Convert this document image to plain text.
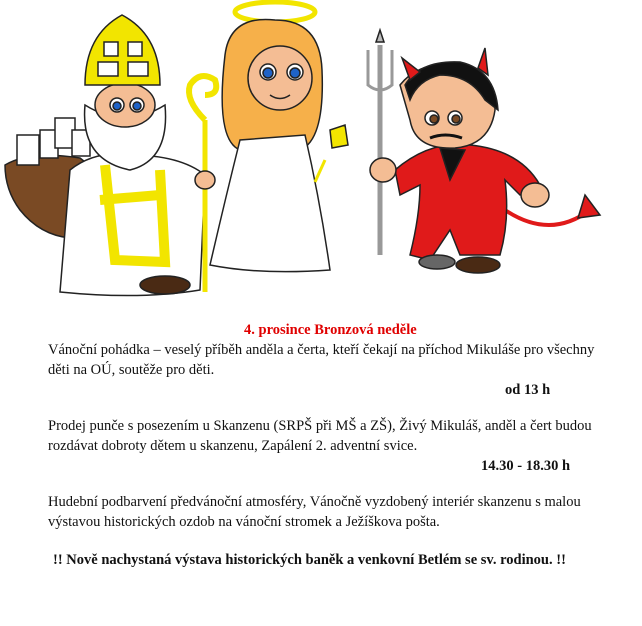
4. prosince Bronzová neděle
Vánoční pohádka – veselý příběh anděla a čerta, kteří čekají na příchod Mikuláše pro všechny
děti na OÚ, soutěže pro děti.
od 13 h
Prodej punče s posezením u Skanzenu (SRPŠ při MŠ a ZŠ), Živý Mikuláš, anděl a čert budou
rozdávat dobroty dětem u skanzenu, Zapálení 2. adventní svice.
14.30 - 18.30 h
Hudební podbarvení předvánoční atmosféry, Vánočně vyzdobený interiér skanzenu s malou
výstavou historických ozdob na vánoční stromek a Ježíškova pošta.
!! Nově nachystaná výstava historických baněk a venkovní Betlém se sv. rodinou. !!
